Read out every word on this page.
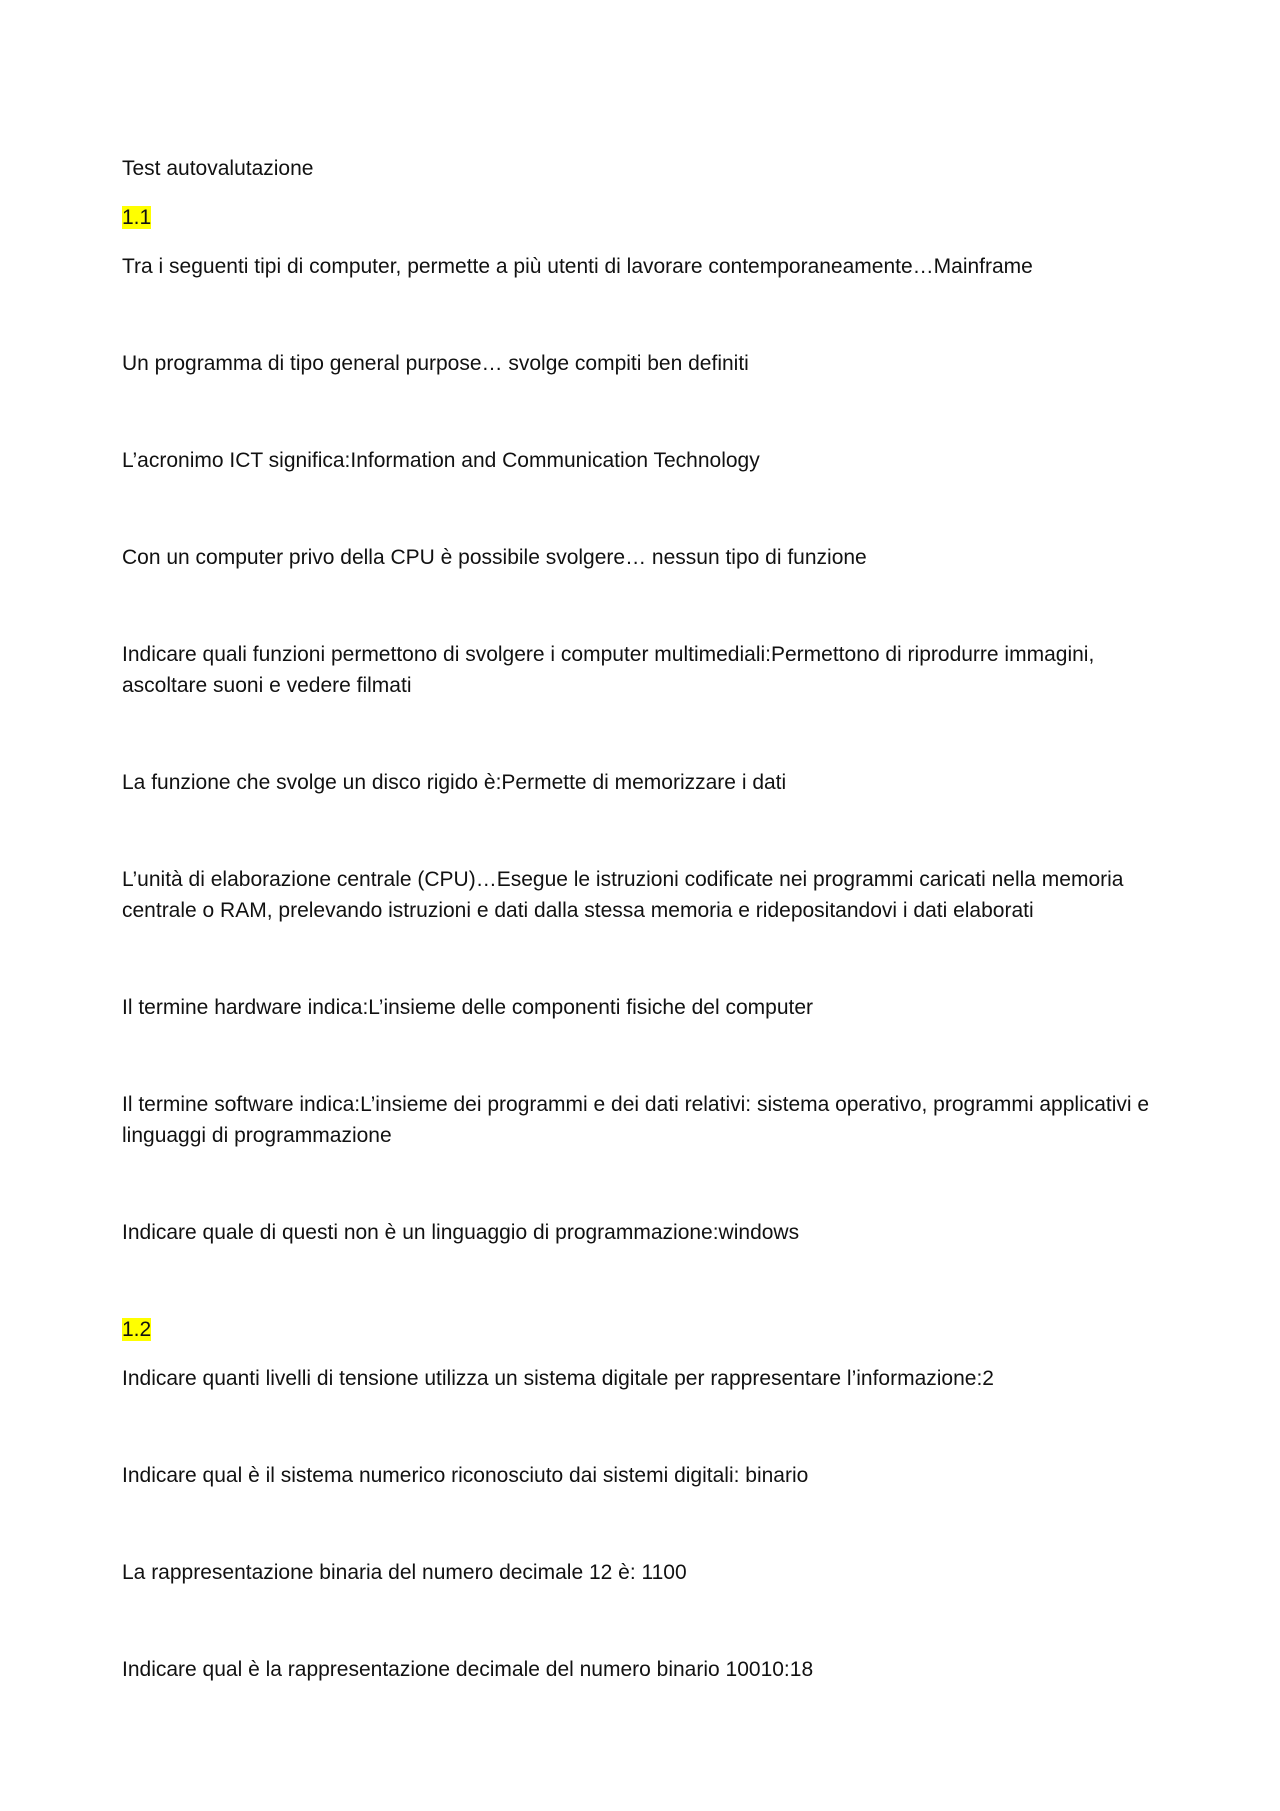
Test autovalutazione

1.1

Tra i seguenti tipi di computer, permette a più utenti di lavorare contemporaneamente…Mainframe

Un programma di tipo general purpose… svolge compiti ben definiti

L’acronimo ICT significa:Information and Communication Technology

Con un computer privo della CPU è possibile svolgere… nessun tipo di funzione

Indicare quali funzioni permettono di svolgere i computer multimediali:Permettono di riprodurre immagini, ascoltare suoni e vedere filmati

La funzione che svolge un disco rigido è:Permette di memorizzare i dati

L’unità di elaborazione centrale (CPU)…Esegue le istruzioni codificate nei programmi caricati nella memoria centrale o RAM, prelevando istruzioni e dati dalla stessa memoria e ridepositandovi i dati elaborati

Il termine hardware indica:L’insieme delle componenti fisiche del computer

Il termine software indica:L’insieme dei programmi e dei dati relativi: sistema operativo, programmi applicativi e linguaggi di programmazione

Indicare quale di questi non è un linguaggio di programmazione:windows

1.2

Indicare quanti livelli di tensione utilizza un sistema digitale per rappresentare l’informazione:2

Indicare qual è il sistema numerico riconosciuto dai sistemi digitali: binario

La rappresentazione binaria del numero decimale 12 è: 1100

Indicare qual è la rappresentazione decimale del numero binario 10010:18
